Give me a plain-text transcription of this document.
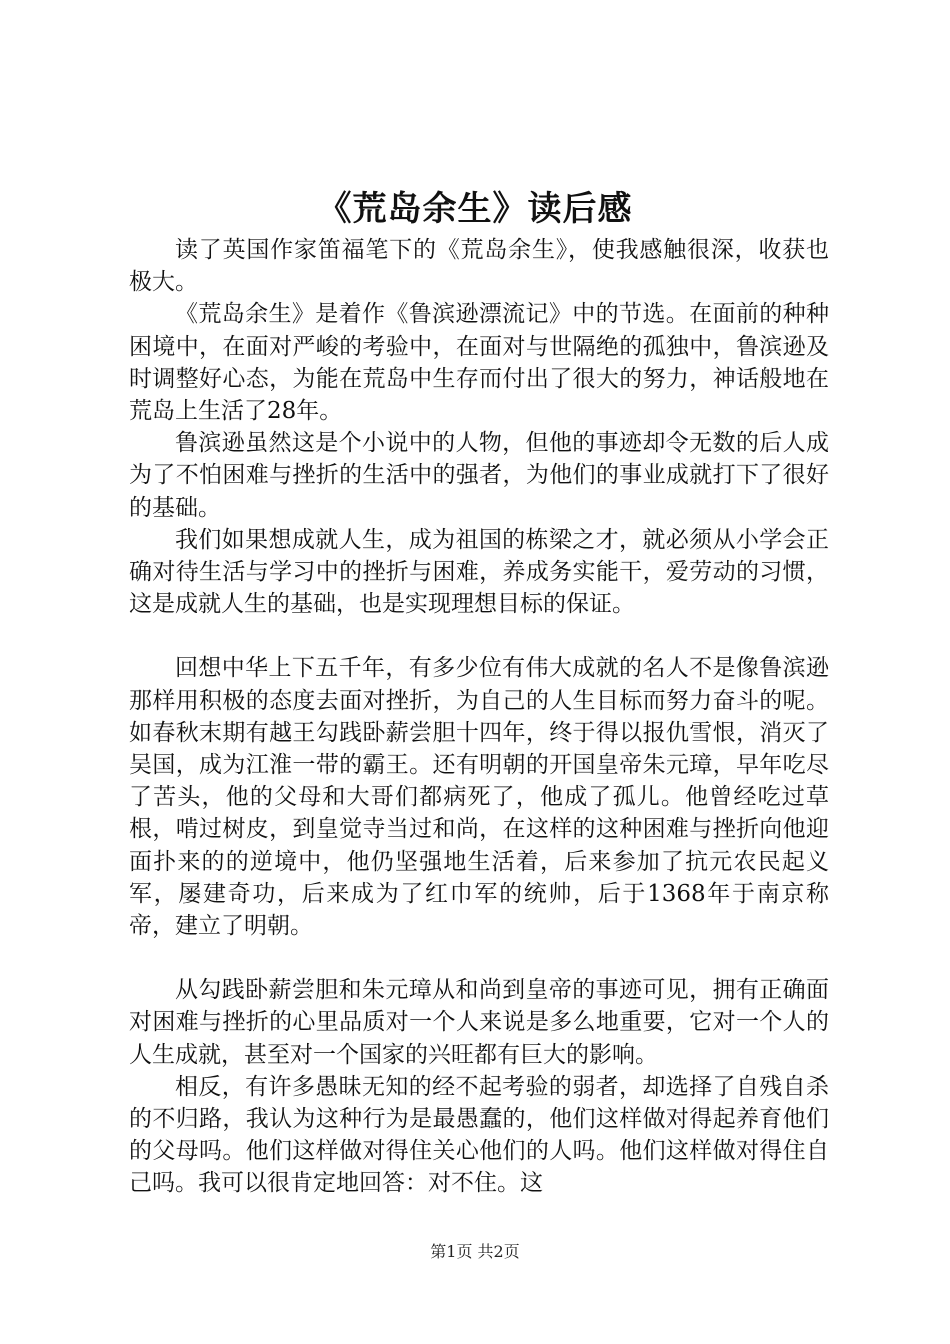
《荒岛余生》读后感

读了英国作家笛福笔下的《荒岛余生》，使我感触很深，收获也极大。

《荒岛余生》是着作《鲁滨逊漂流记》中的节选。在面前的种种困境中，在面对严峻的考验中，在面对与世隔绝的孤独中，鲁滨逊及时调整好心态，为能在荒岛中生存而付出了很大的努力，神话般地在荒岛上生活了28年。

鲁滨逊虽然这是个小说中的人物，但他的事迹却令无数的后人成为了不怕困难与挫折的生活中的强者，为他们的事业成就打下了很好的基础。

我们如果想成就人生，成为祖国的栋梁之才，就必须从小学会正确对待生活与学习中的挫折与困难，养成务实能干，爱劳动的习惯，这是成就人生的基础，也是实现理想目标的保证。

回想中华上下五千年，有多少位有伟大成就的名人不是像鲁滨逊那样用积极的态度去面对挫折，为自己的人生目标而努力奋斗的呢。如春秋末期有越王勾践卧薪尝胆十四年，终于得以报仇雪恨，消灭了吴国，成为江淮一带的霸王。还有明朝的开国皇帝朱元璋，早年吃尽了苦头，他的父母和大哥们都病死了，他成了孤儿。他曾经吃过草根，啃过树皮，到皇觉寺当过和尚，在这样的这种困难与挫折向他迎面扑来的的逆境中，他仍坚强地生活着，后来参加了抗元农民起义军，屡建奇功，后来成为了红巾军的统帅，后于1368年于南京称帝，建立了明朝。

从勾践卧薪尝胆和朱元璋从和尚到皇帝的事迹可见，拥有正确面对困难与挫折的心里品质对一个人来说是多么地重要，它对一个人的人生成就，甚至对一个国家的兴旺都有巨大的影响。

相反，有许多愚昧无知的经不起考验的弱者，却选择了自残自杀的不归路，我认为这种行为是最愚蠢的，他们这样做对得起养育他们的父母吗。他们这样做对得住关心他们的人吗。他们这样做对得住自己吗。我可以很肯定地回答：对不住。这

第1页 共2页
